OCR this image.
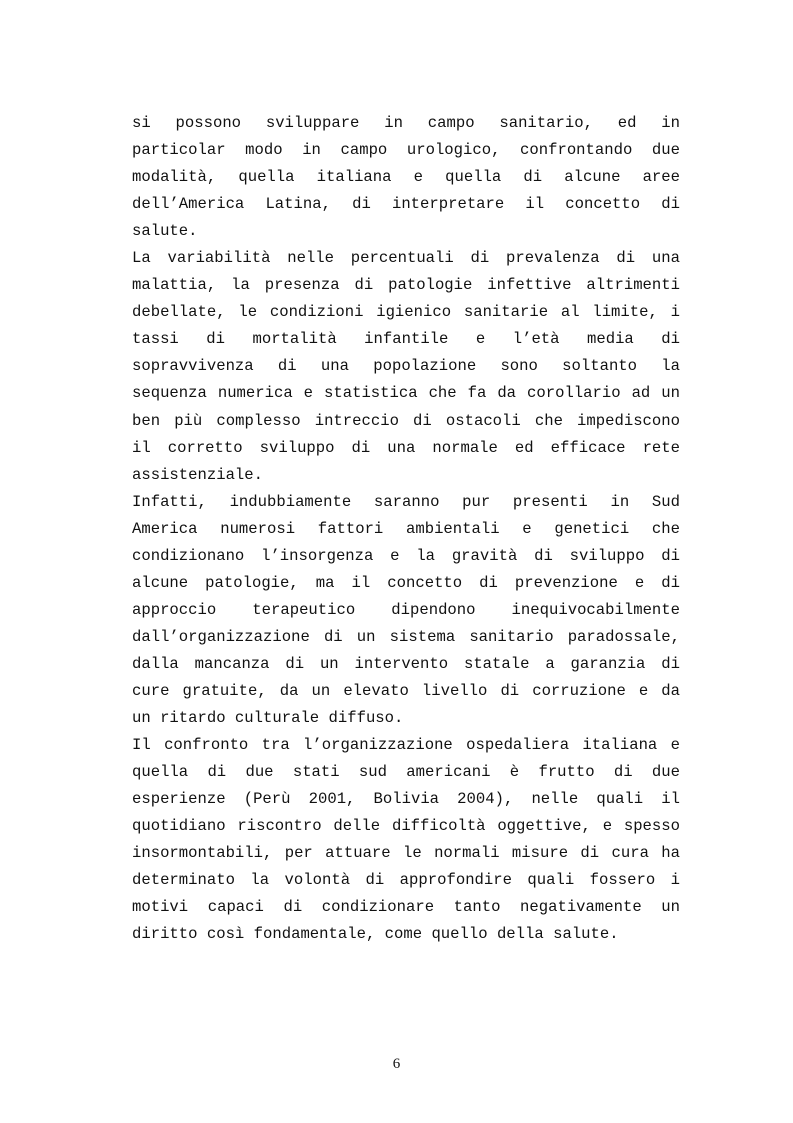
si possono sviluppare in campo sanitario, ed in
particolar modo in campo urologico, confrontando due
modalità, quella italiana e quella di alcune aree
dell’America Latina, di interpretare il concetto di
salute.
La variabilità nelle percentuali di prevalenza di una
malattia, la presenza di patologie infettive altrimenti
debellate, le condizioni igienico sanitarie al limite, i
tassi di mortalità infantile e l’età media di
sopravvivenza di una popolazione sono soltanto la
sequenza numerica e statistica che fa da corollario ad un
ben più complesso intreccio di ostacoli che impediscono
il corretto sviluppo di una normale ed efficace rete
assistenziale.
Infatti, indubbiamente saranno pur presenti in Sud
America numerosi fattori ambientali e genetici che
condizionano l’insorgenza e la gravità di sviluppo di
alcune patologie, ma il concetto di prevenzione e di
approccio terapeutico dipendono inequivocabilmente
dall’organizzazione di un sistema sanitario paradossale,
dalla mancanza di un intervento statale a garanzia di
cure gratuite, da un elevato livello di corruzione e da
un ritardo culturale diffuso.
Il confronto tra l’organizzazione ospedaliera italiana e
quella di due stati sud americani è frutto di due
esperienze (Perù 2001, Bolivia 2004), nelle quali il
quotidiano riscontro delle difficoltà oggettive, e spesso
insormontabili, per attuare le normali misure di cura ha
determinato la volontà di approfondire quali fossero i
motivi capaci di condizionare tanto negativamente un
diritto così fondamentale, come quello della salute.
6
